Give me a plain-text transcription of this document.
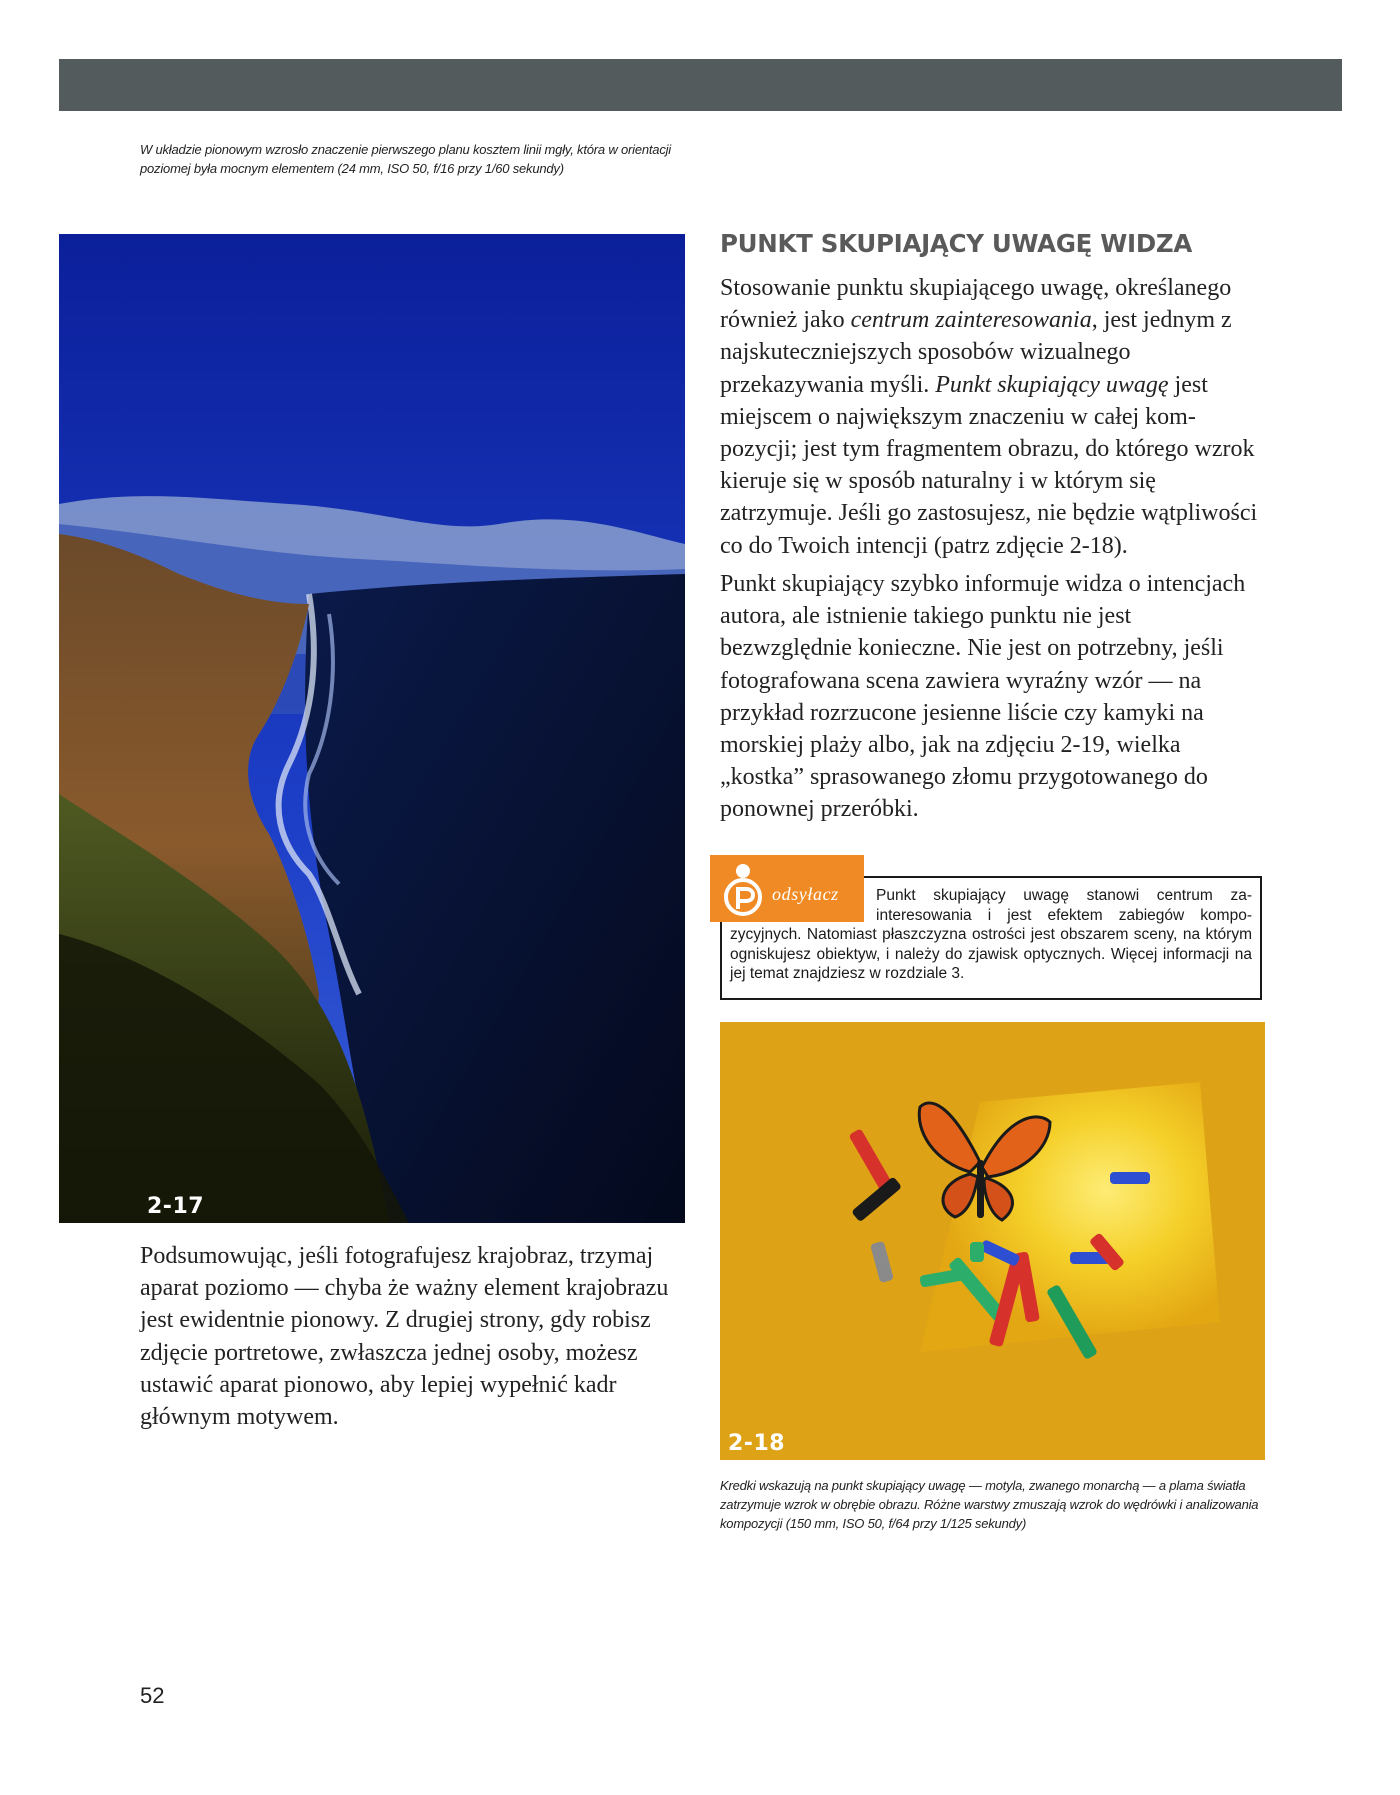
W układzie pionowym wzrosło znaczenie pierwszego planu kosztem linii mgły, która w orientacji poziomej była mocnym elementem (24 mm, ISO 50, f/16 przy 1/60 sekundy)
2-17
PUNKT SKUPIAJĄCY UWAGĘ WIDZA

Stosowanie punktu skupiającego uwagę, określanego również jako centrum zainteresowania, jest jednym z najskuteczniejszych sposobów wizualnego przekazywania myśli. Punkt skupiający uwagę jest miejscem o największym znaczeniu w całej kompozycji; jest tym fragmentem obrazu, do którego wzrok kieruje się w sposób naturalny i w którym się zatrzymuje. Jeśli go zastosujesz, nie będzie wątpliwości co do Twoich intencji (patrz zdjęcie 2-18).

Punkt skupiający szybko informuje widza o intencjach autora, ale istnienie takiego punktu nie jest bezwzględnie konieczne. Nie jest on potrzebny, jeśli fotografowana scena zawiera wyraźny wzór — na przykład rozrzucone jesienne liście czy kamyki na morskiej plaży albo, jak na zdjęciu 2-19, wielka „kostka” sprasowanego złomu przygotowanego do ponownej przeróbki.

odsyłacz	Punkt skupiający uwagę stanowi centrum zainteresowania i jest efektem zabiegów kompozycyjnych. Natomiast płaszczyzna ostrości jest obszarem sceny, na którym ogniskujesz obiektyw, i należy do zjawisk optycznych. Więcej informacji na jej temat znajdziesz w rozdziale 3.

2-18

Podsumowując, jeśli fotografujesz krajobraz, trzymaj aparat poziomo — chyba że ważny element krajobrazu jest ewidentnie pionowy. Z drugiej strony, gdy robisz zdjęcie portretowe, zwłaszcza jednej osoby, możesz ustawić aparat pionowo, aby lepiej wypełnić kadr głównym motywem.

Kredki wskazują na punkt skupiający uwagę — motyla, zwanego monarchą — a plama światła zatrzymuje wzrok w obrębie obrazu. Różne warstwy zmuszają wzrok do wędrówki i analizowania kompozycji (150 mm, ISO 50, f/64 przy 1/125 sekundy)
52
